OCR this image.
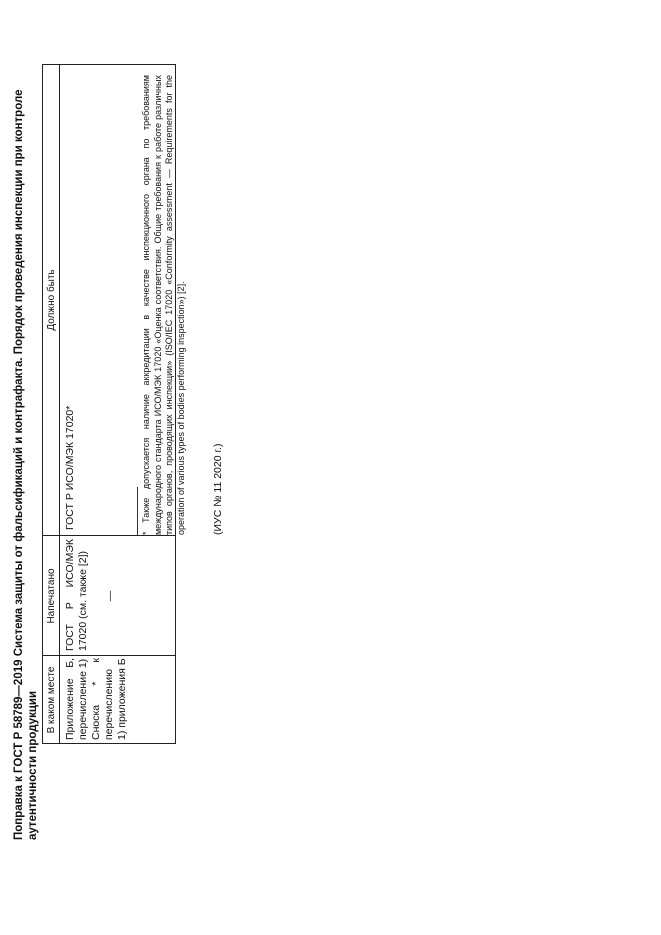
Поправка к ГОСТ Р 58789—2019 Система защиты от фальсификаций и контрафакта. Порядок проведения инспекции при контроле аутентичности продукции В каком месте
Напечатано
Должно быть
Приложение Б, перечисление 1)
ГОСТ Р ИСО/МЭК 17020 (см. также [2])
ГОСТ Р ИСО/МЭК 17020*
Сноска * к перечислению 1) приложения Б
—
* Также допускается наличие аккредитации в качестве инспекционного органа по требованиям международного стандарта ИСО/МЭК 17020 «Оценка соответствия. Общие требования к работе различных типов органов, проводящих инспекции» (ISO/IEC 17020 «Conformity assessment — Requirements for the operation of various types of bodies performing inspection») [2].	(ИУС № 11 2020 г.)
